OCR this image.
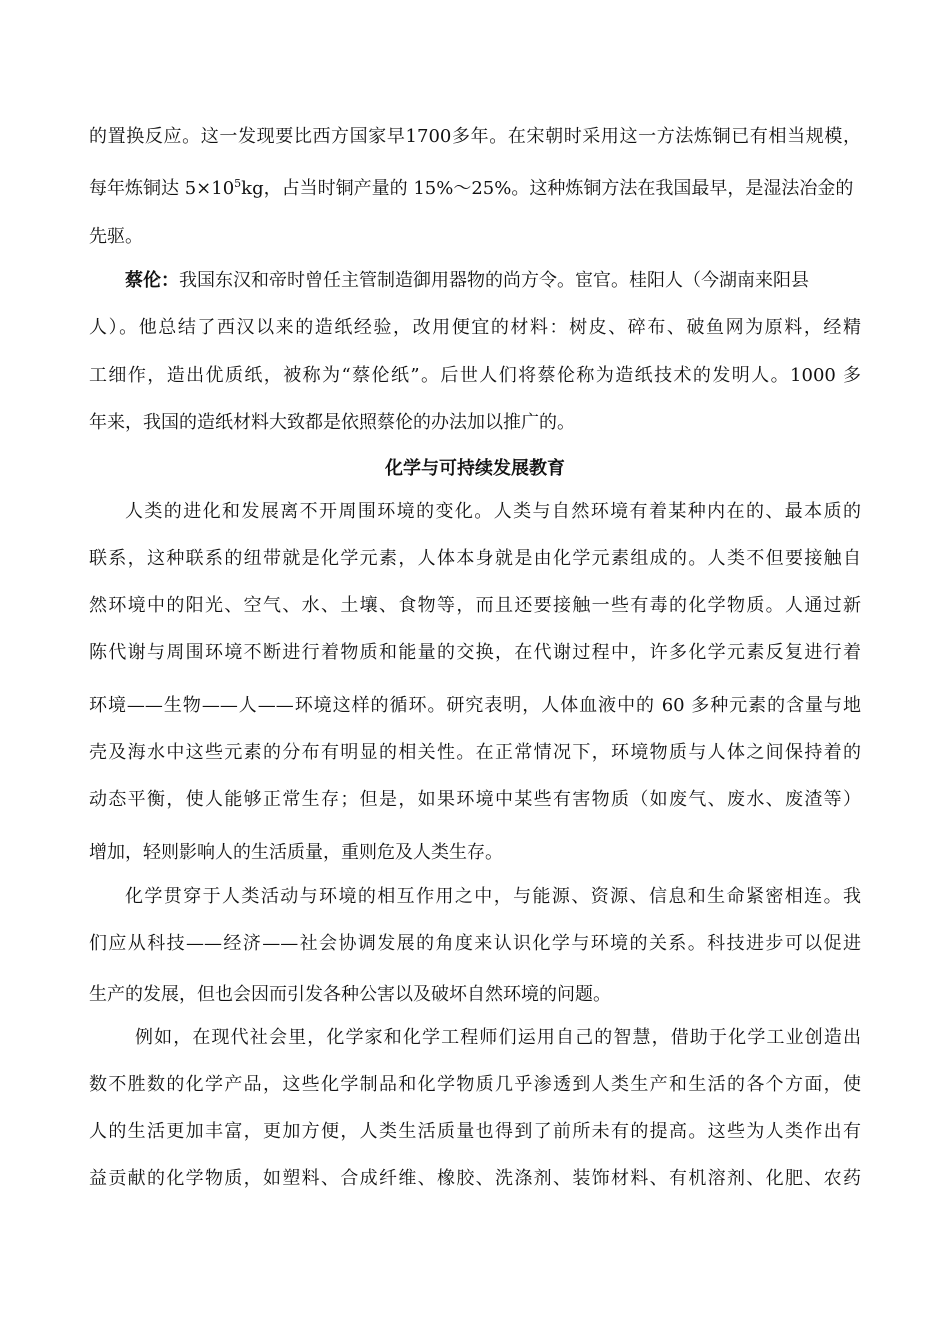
的置换反应。这一发现要比西方国家早1700多年。在宋朝时采用这一方法炼铜已有相当规模，
每年炼铜达 $5\times 10^5kg$，占当时铜产量的 15%～25%。这种炼铜方法在我国最早，是湿法冶金的
先驱。
蔡伦：我国东汉和帝时曾任主管制造御用器物的尚方令。宦官。桂阳人（今湖南来阳县
人）。他总结了西汉以来的造纸经验，改用便宜的材料：树皮、碎布、破鱼网为原料，经精
工细作，造出优质纸，被称为“蔡伦纸”。后世人们将蔡伦称为造纸技术的发明人。1000 多
年来，我国的造纸材料大致都是依照蔡伦的办法加以推广的。
化学与可持续发展教育
人类的进化和发展离不开周围环境的变化。人类与自然环境有着某种内在的、最本质的
联系，这种联系的纽带就是化学元素，人体本身就是由化学元素组成的。人类不但要接触自
然环境中的阳光、空气、水、土壤、食物等，而且还要接触一些有毒的化学物质。人通过新
陈代谢与周围环境不断进行着物质和能量的交换，在代谢过程中，许多化学元素反复进行着
环境——生物——人——环境这样的循环。研究表明，人体血液中的 60 多种元素的含量与地
壳及海水中这些元素的分布有明显的相关性。在正常情况下，环境物质与人体之间保持着的
动态平衡，使人能够正常生存；但是，如果环境中某些有害物质（如废气、废水、废渣等）
增加，轻则影响人的生活质量，重则危及人类生存。
化学贯穿于人类活动与环境的相互作用之中，与能源、资源、信息和生命紧密相连。我
们应从科技——经济——社会协调发展的角度来认识化学与环境的关系。科技进步可以促进
生产的发展，但也会因而引发各种公害以及破坏自然环境的问题。
例如，在现代社会里，化学家和化学工程师们运用自己的智慧，借助于化学工业创造出
数不胜数的化学产品，这些化学制品和化学物质几乎渗透到人类生产和生活的各个方面，使
人的生活更加丰富，更加方便，人类生活质量也得到了前所未有的提高。这些为人类作出有
益贡献的化学物质，如塑料、合成纤维、橡胶、洗涤剂、装饰材料、有机溶剂、化肥、农药
